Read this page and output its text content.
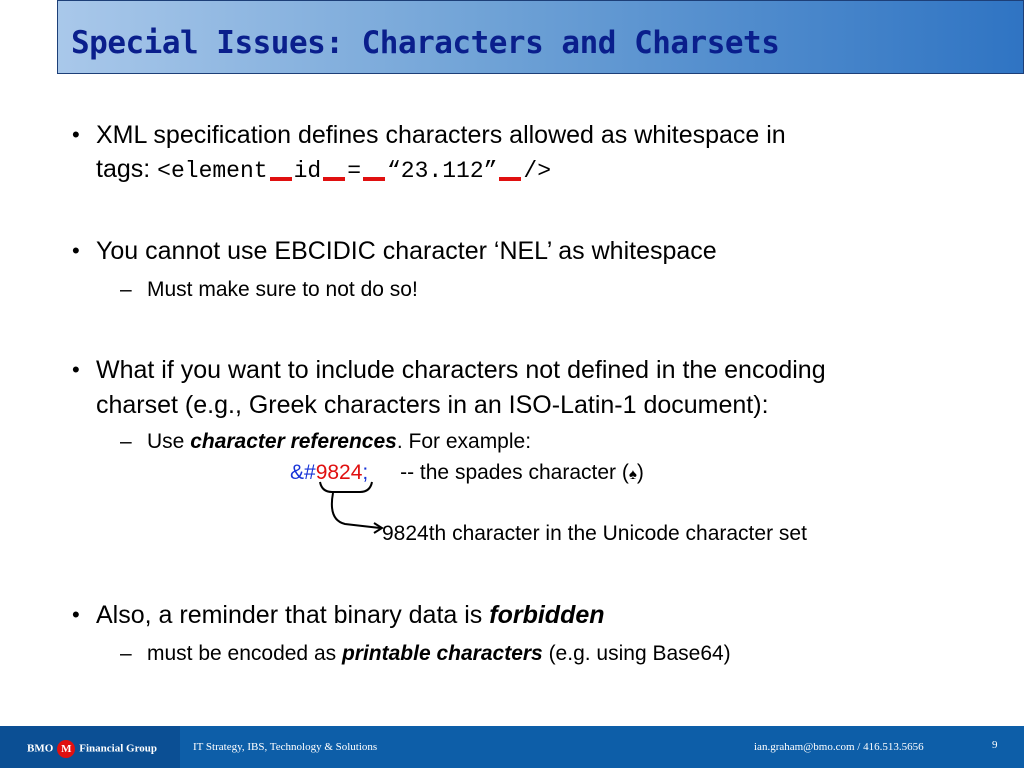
Special Issues: Characters and Charsets
• XML specification defines characters allowed as whitespace in
tags: <element id = “23.112” />
• You cannot use EBCIDIC character ‘NEL’ as whitespace
– Must make sure to not do so!
• What if you want to include characters not defined in the encoding
charset (e.g., Greek characters in an ISO-Latin-1 document):
– Use character references. For example:
&#9824; -- the spades character (♠)
9824th character in the Unicode character set
• Also, a reminder that binary data is forbidden
– must be encoded as printable characters (e.g. using Base64)
BMO M Financial Group	IT Strategy, IBS, Technology & Solutions	ian.graham@bmo.com / 416.513.5656	9
